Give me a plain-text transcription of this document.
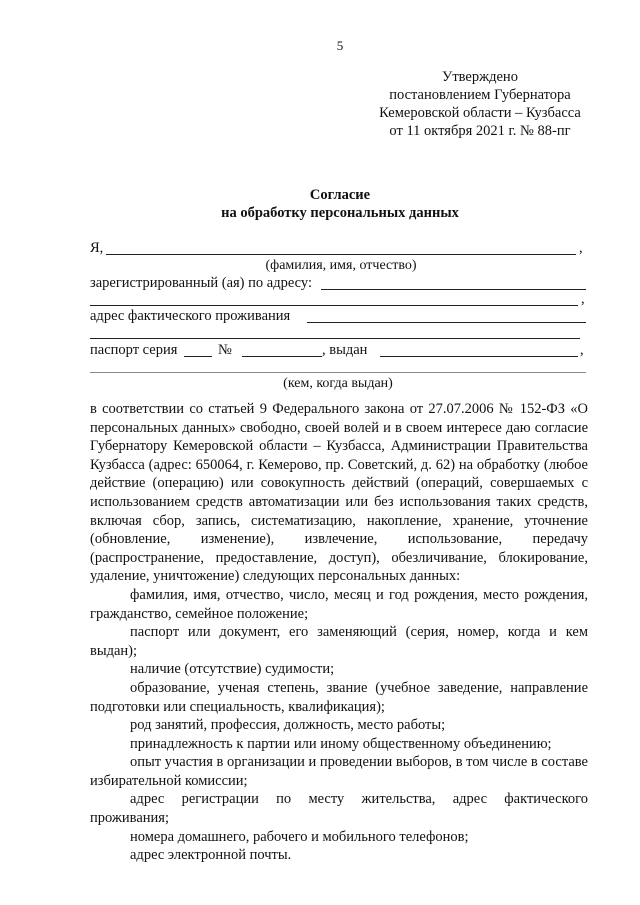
5
Утверждено
постановлением Губернатора
Кемеровской области – Кузбасса
от 11 октября 2021 г. № 88-пг
Согласие
на обработку персональных данных
Я,	,
(фамилия, имя, отчество)
зарегистрированный (ая) по адресу:
,
адрес фактического проживания
паспорт серия	№	, выдан	,
(кем, когда выдан)

в соответствии со статьей 9 Федерального закона от 27.07.2006 № 152-ФЗ «О персональных данных» свободно, своей волей и в своем интересе даю согласие Губернатору Кемеровской области – Кузбасса, Администрации Правительства Кузбасса (адрес: 650064, г. Кемерово, пр. Советский, д. 62) на обработку (любое действие (операцию) или совокупность действий (операций, совершаемых с использованием средств автоматизации или без использования таких средств, включая сбор, запись, систематизацию, накопление, хранение, уточнение (обновление, изменение), извлечение, использование, передачу (распространение, предоставление, доступ), обезличивание, блокирование, удаление, уничтожение) следующих персональных данных:

фамилия, имя, отчество, число, месяц и год рождения, место рождения, гражданство, семейное положение;

паспорт или документ, его заменяющий (серия, номер, когда и кем выдан);

наличие (отсутствие) судимости;

образование, ученая степень, звание (учебное заведение, направление подготовки или специальность, квалификация);

род занятий, профессия, должность, место работы;

принадлежность к партии или иному общественному объединению;

опыт участия в организации и проведении выборов, в том числе в составе избирательной комиссии;

адрес регистрации по месту жительства, адрес фактического проживания;

номера домашнего, рабочего и мобильного телефонов;

адрес электронной почты.
